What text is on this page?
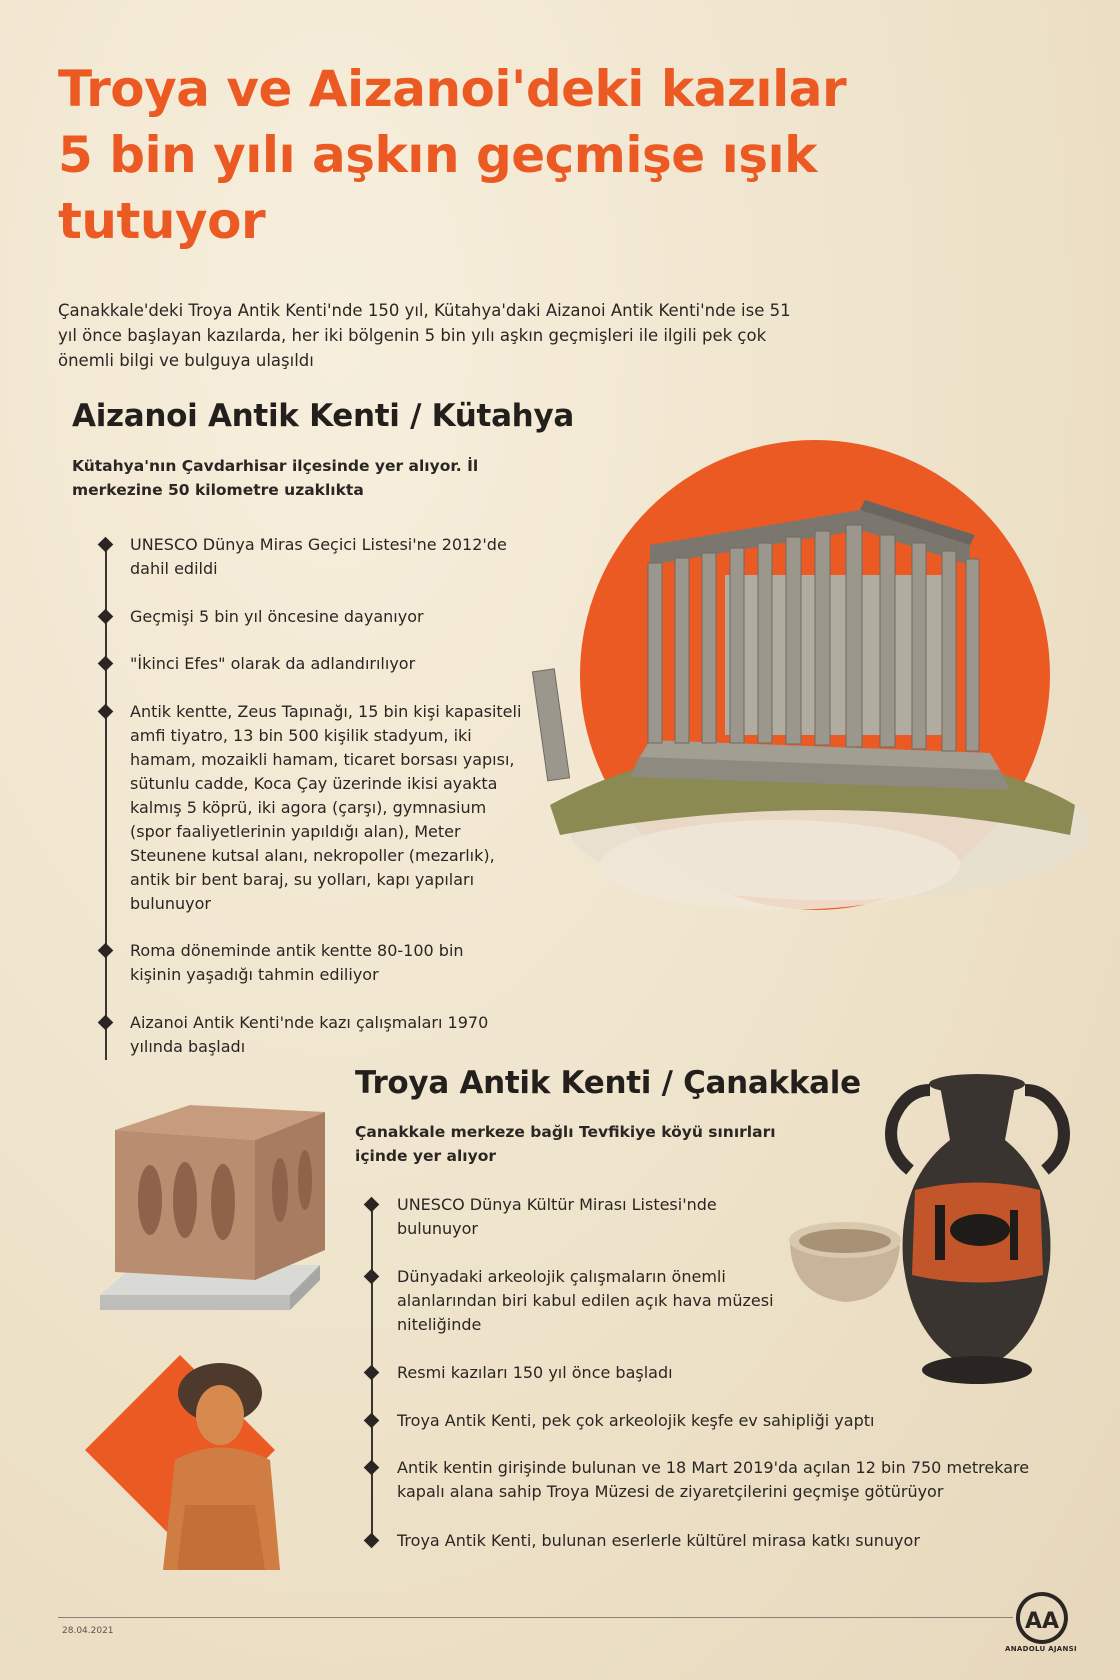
Troya ve Aizanoi'deki kazılar
5 bin yılı aşkın geçmişe ışık
tutuyor
Çanakkale'deki Troya Antik Kenti'nde 150 yıl, Kütahya'daki Aizanoi Antik Kenti'nde ise 51
yıl önce başlayan kazılarda, her iki bölgenin 5 bin yılı aşkın geçmişleri ile ilgili pek çok
önemli bilgi ve bulguya ulaşıldı
Aizanoi Antik Kenti / Kütahya
Kütahya'nın Çavdarhisar ilçesinde yer alıyor. İl
merkezine 50 kilometre uzaklıkta
UNESCO Dünya Miras Geçici Listesi'ne 2012'de
dahil edildi
Geçmişi 5 bin yıl öncesine dayanıyor
"İkinci Efes" olarak da adlandırılıyor
Antik kentte, Zeus Tapınağı, 15 bin kişi kapasiteli
amfi tiyatro, 13 bin 500 kişilik stadyum, iki
hamam, mozaikli hamam, ticaret borsası yapısı,
sütunlu cadde, Koca Çay üzerinde ikisi ayakta
kalmış 5 köprü, iki agora (çarşı), gymnasium
(spor faaliyetlerinin yapıldığı alan), Meter
Steunene kutsal alanı, nekropoller (mezarlık),
antik bir bent baraj, su yolları, kapı yapıları
bulunuyor
Roma döneminde antik kentte 80-100 bin
kişinin yaşadığı tahmin ediliyor
Aizanoi Antik Kenti'nde kazı çalışmaları 1970
yılında başladı
Troya Antik Kenti / Çanakkale
Çanakkale merkeze bağlı Tevfikiye köyü sınırları
içinde yer alıyor
UNESCO Dünya Kültür Mirası Listesi'nde
bulunuyor
Dünyadaki arkeolojik çalışmaların önemli
alanlarından biri kabul edilen açık hava müzesi
niteliğinde
Resmi kazıları 150 yıl önce başladı
Troya Antik Kenti, pek çok arkeolojik keşfe ev sahipliği yaptı
Antik kentin girişinde bulunan ve 18 Mart 2019'da açılan 12 bin 750 metrekare
kapalı alana sahip Troya Müzesi de ziyaretçilerini geçmişe götürüyor
Troya Antik Kenti, bulunan eserlerle kültürel mirasa katkı sunuyor
28.04.2021	AA
ANADOLU AJANSI
